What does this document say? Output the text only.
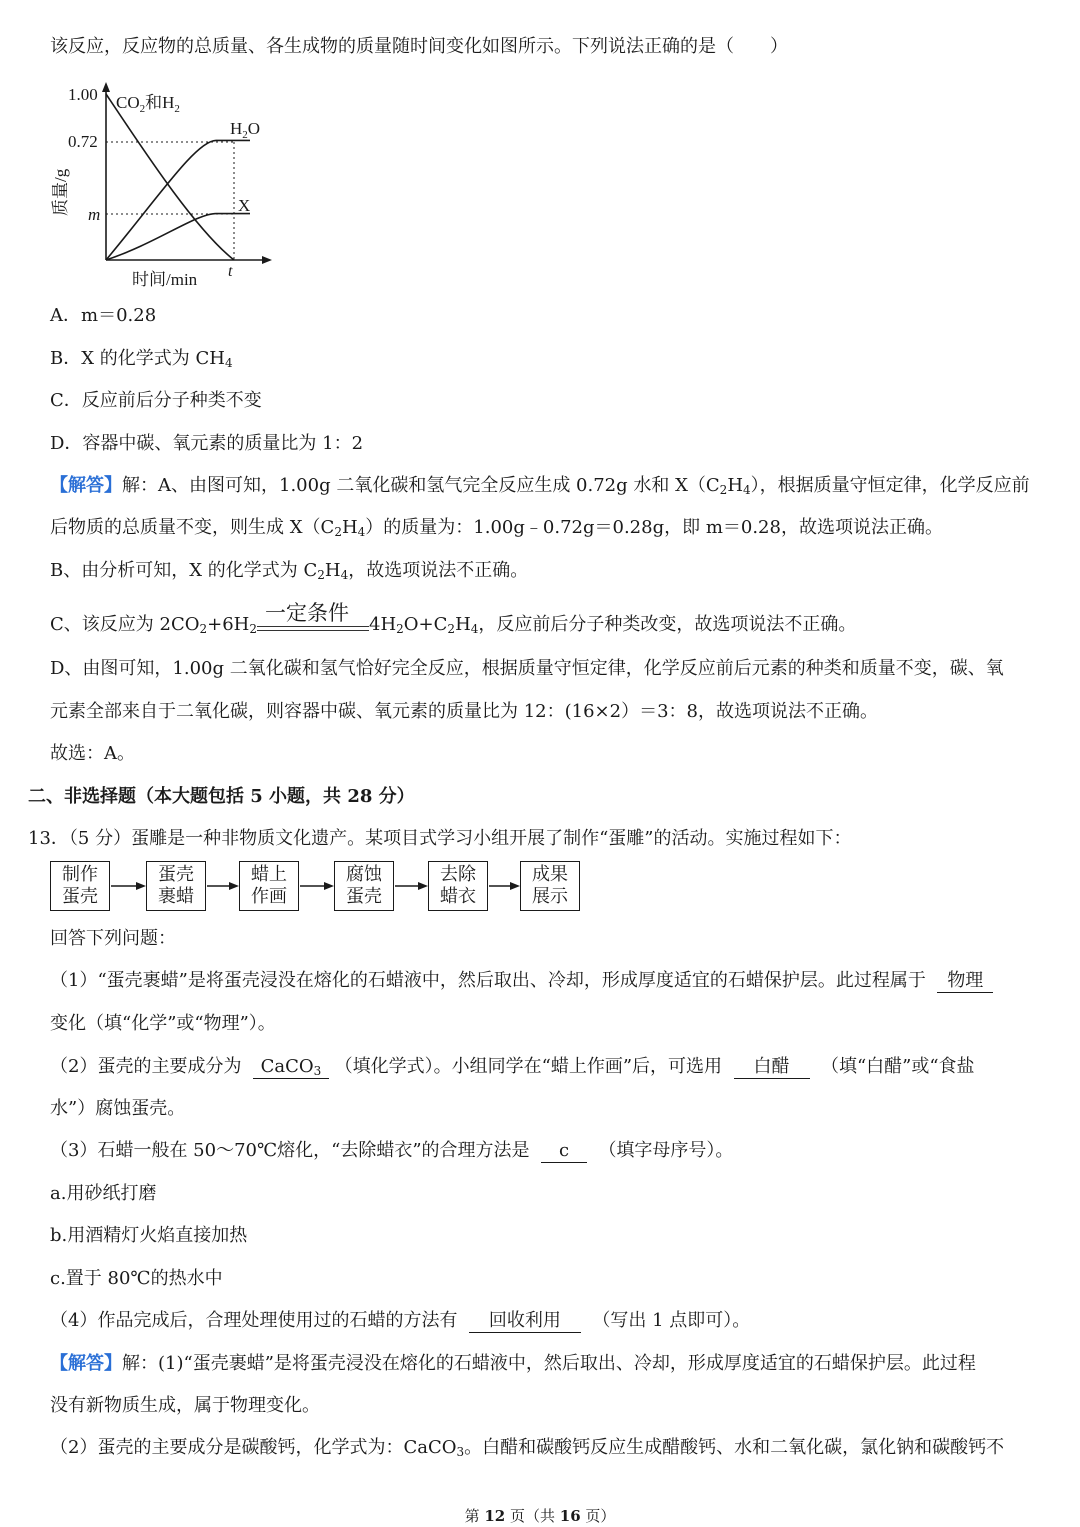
该反应，反应物的总质量、各生成物的质量随时间变化如图所示。下列说法正确的是（　　）
1.00
0.72
m
t
时间/min
质量/g
$CO_2$和$H_2$
$H_2O$
X
A．m＝0.28
B．X 的化学式为 $CH_4$
C．反应前后分子种类不变
D．容器中碳、氧元素的质量比为 1：2
【解答】解：A、由图可知，1.00g 二氧化碳和氢气完全反应生成 0.72g 水和 $X(C_2H_4)$，根据质量守恒定律，化学反应前
后物质的总质量不变，则生成 $X(C_2H_4)$的质量为：1.00g﹣0.72g＝0.28g，即 m＝0.28，故选项说法正确。
B、由分析可知，X 的化学式为 $C_2H_4$，故选项说法不正确。
C、该反应为 $2CO_2+6H_2$
一定条件 $4H_2O+C_2H_4$，反应前后分子种类改变，故选项说法不正确。
D、由图可知，1.00g 二氧化碳和氢气恰好完全反应，根据质量守恒定律，化学反应前后元素的种类和质量不变，碳、氧
元素全部来自于二氧化碳，则容器中碳、氧元素的质量比为 12：(16×2）＝3：8，故选项说法不正确。
故选：A。
二、非选择题（本大题包括 5 小题，共 28 分）
13．（5 分）蛋雕是一种非物质文化遗产。某项目式学习小组开展了制作“蛋雕”的活动。实施过程如下：
制作
蛋壳
蛋壳
裹蜡
蜡上
作画
腐蚀
蛋壳
去除
蜡衣
成果
展示
回答下列问题：
（1）“蛋壳裹蜡”是将蛋壳浸没在熔化的石蜡液中，然后取出、冷却，形成厚度适宜的石蜡保护层。此过程属于 物理
变化（填“化学”或“物理”）。
（2）蛋壳的主要成分为 CaCO$_3$ （填化学式）。小组同学在“蜡上作画”后，可选用 白醋 （填“白醋”或“食盐
水”）腐蚀蛋壳。
（3）石蜡一般在 50～70℃熔化，“去除蜡衣”的合理方法是 c （填字母序号）。
a.用砂纸打磨
b.用酒精灯火焰直接加热
c.置于 80℃的热水中
（4）作品完成后，合理处理使用过的石蜡的方法有 回收利用 （写出 1 点即可）。
【解答】解：(1)“蛋壳裹蜡”是将蛋壳浸没在熔化的石蜡液中，然后取出、冷却，形成厚度适宜的石蜡保护层。此过程
没有新物质生成，属于物理变化。
（2）蛋壳的主要成分是碳酸钙，化学式为：CaCO$_3$。白醋和碳酸钙反应生成醋酸钙、水和二氧化碳，氯化钠和碳酸钙不
第 12 页（共 16 页）
